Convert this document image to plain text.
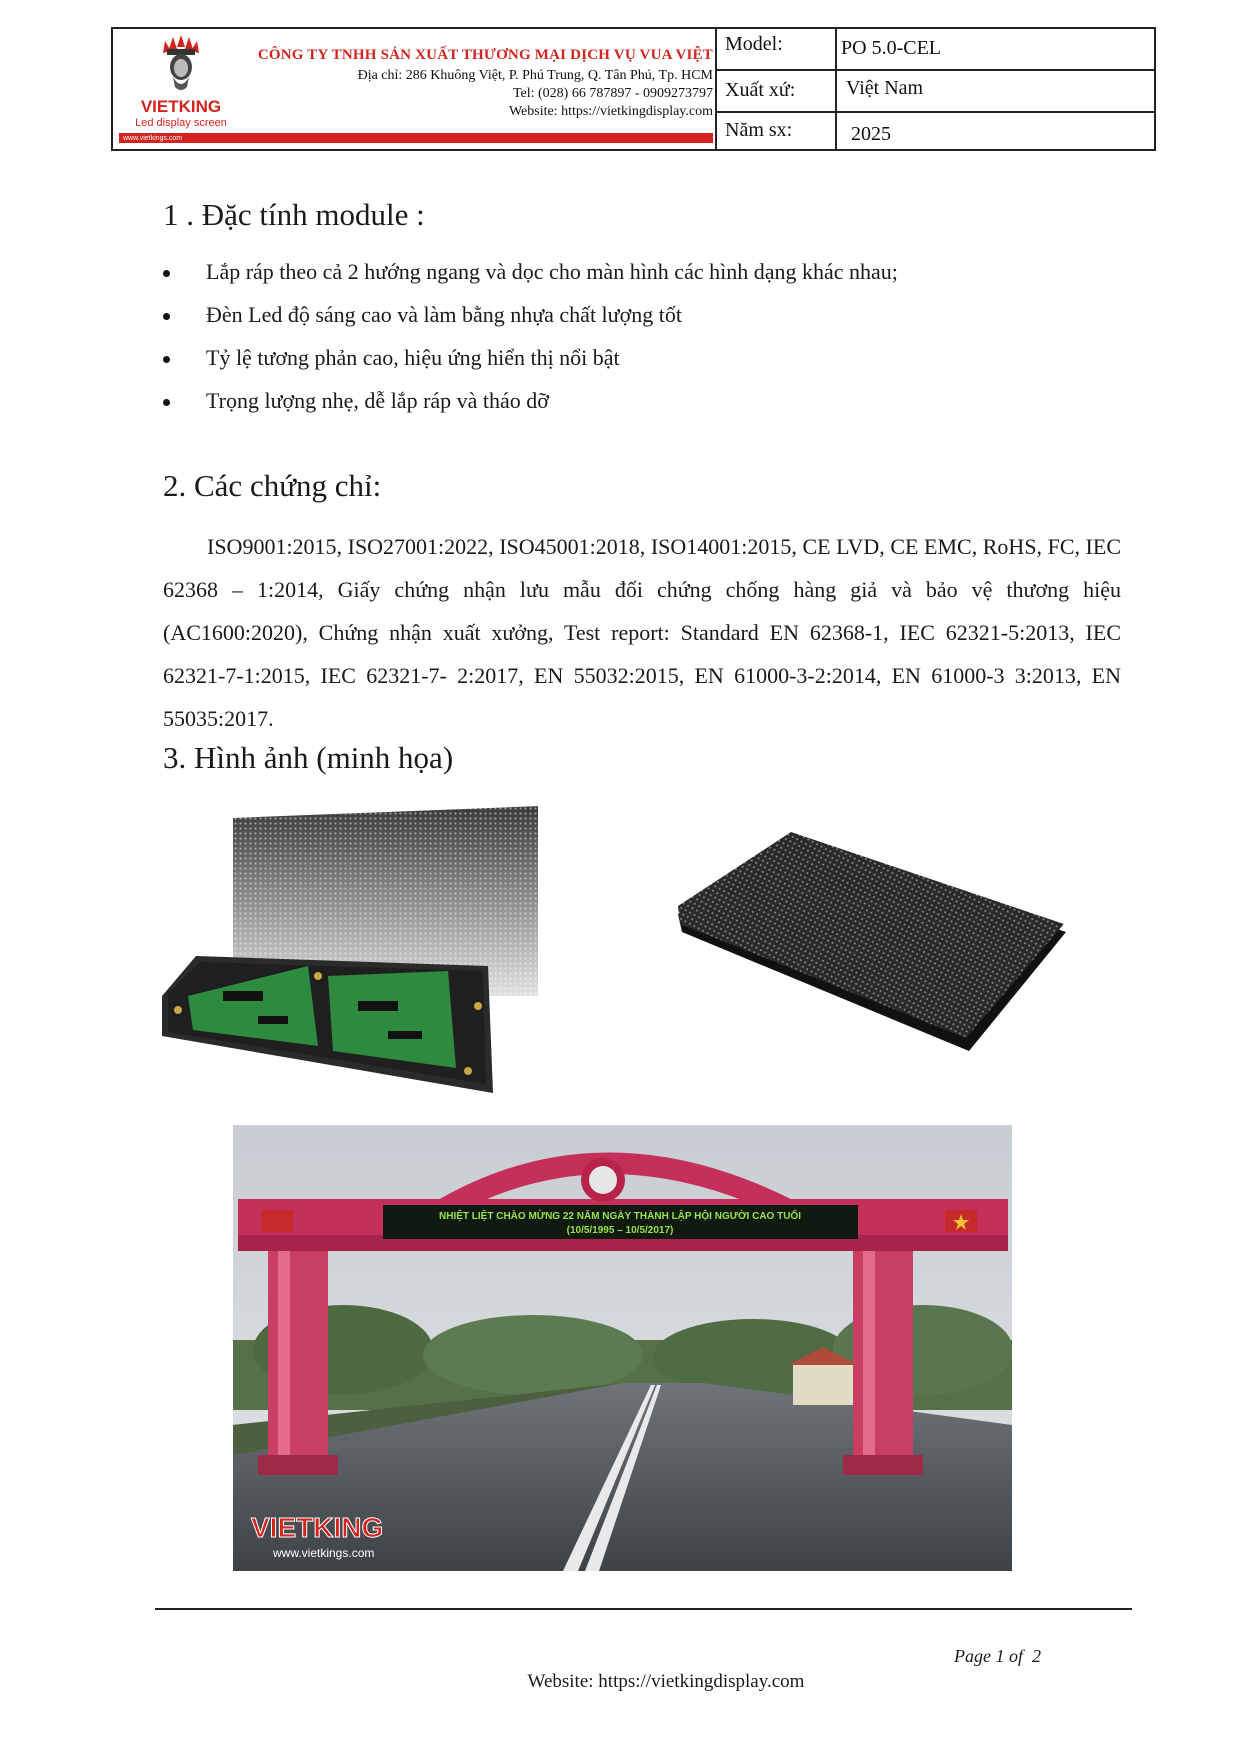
VIETKING
Led display screen
CÔNG TY TNHH SẢN XUẤT THƯƠNG MẠI DỊCH VỤ VUA VIỆT
Địa chỉ: 286 Khuông Việt, P. Phú Trung, Q. Tân Phú, Tp. HCM
Tel: (028) 66 787897 - 0909273797
Website: https://vietkingdisplay.com
www.vietkings.com
Model:	PO 5.0-CEL
Xuất xứ:	Việt Nam
Năm sx:	2025
1 . Đặc tính module :
Lắp ráp theo cả 2 hướng ngang và dọc cho màn hình các hình dạng khác nhau;
Đèn Led độ sáng cao và làm bằng nhựa chất lượng tốt
Tỷ lệ tương phản cao, hiệu ứng hiển thị nổi bật
Trọng lượng nhẹ, dễ lắp ráp và tháo dỡ
2. Các chứng chỉ:
ISO9001:2015, ISO27001:2022, ISO45001:2018, ISO14001:2015, CE LVD, CE EMC, RoHS, FC, IEC 62368 – 1:2014, Giấy chứng nhận lưu mẫu đối chứng chống hàng giả và bảo vệ thương hiệu (AC1600:2020), Chứng nhận xuất xưởng, Test report: Standard EN 62368-1, IEC 62321-5:2013, IEC 62321-7-1:2015, IEC 62321-7- 2:2017, EN 55032:2015, EN 61000-3-2:2014, EN 61000-3 3:2013, EN 55035:2017.
3. Hình ảnh (minh họa)
NHIỆT LIỆT CHÀO MỪNG 22 NĂM NGÀY THÀNH LẬP HỘI NGƯỜI CAO TUỔI
(10/5/1995 – 10/5/2017)
VIETKING
www.vietkings.com
Page 1 of 2
Website: https://vietkingdisplay.com
